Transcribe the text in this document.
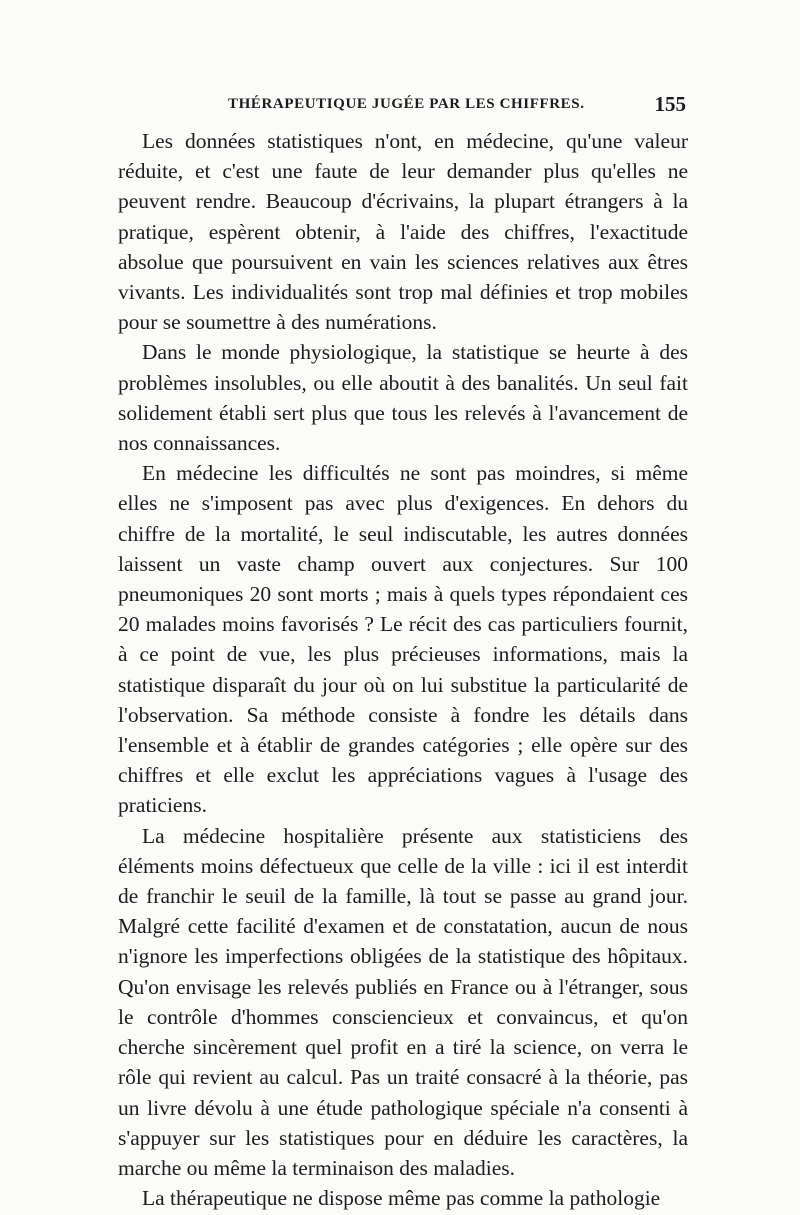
THÉRAPEUTIQUE JUGÉE PAR LES CHIFFRES.	155

Les données statistiques n'ont, en médecine, qu'une valeur réduite, et c'est une faute de leur demander plus qu'elles ne peuvent rendre. Beaucoup d'écrivains, la plupart étrangers à la pratique, espèrent obtenir, à l'aide des chiffres, l'exactitude absolue que poursuivent en vain les sciences relatives aux êtres vivants. Les individualités sont trop mal définies et trop mobiles pour se soumettre à des numérations.

Dans le monde physiologique, la statistique se heurte à des problèmes insolubles, ou elle aboutit à des banalités. Un seul fait solidement établi sert plus que tous les relevés à l'avancement de nos connaissances.

En médecine les difficultés ne sont pas moindres, si même elles ne s'imposent pas avec plus d'exigences. En dehors du chiffre de la mortalité, le seul indiscutable, les autres données laissent un vaste champ ouvert aux conjectures. Sur 100 pneumoniques 20 sont morts ; mais à quels types répondaient ces 20 malades moins favorisés ? Le récit des cas particuliers fournit, à ce point de vue, les plus précieuses informations, mais la statistique disparaît du jour où on lui substitue la particularité de l'observation. Sa méthode consiste à fondre les détails dans l'ensemble et à établir de grandes catégories ; elle opère sur des chiffres et elle exclut les appréciations vagues à l'usage des praticiens.

La médecine hospitalière présente aux statisticiens des éléments moins défectueux que celle de la ville : ici il est interdit de franchir le seuil de la famille, là tout se passe au grand jour. Malgré cette facilité d'examen et de constatation, aucun de nous n'ignore les imperfections obligées de la statistique des hôpitaux. Qu'on envisage les relevés publiés en France ou à l'étranger, sous le contrôle d'hommes consciencieux et convaincus, et qu'on cherche sincèrement quel profit en a tiré la science, on verra le rôle qui revient au calcul. Pas un traité consacré à la théorie, pas un livre dévolu à une étude pathologique spéciale n'a consenti à s'appuyer sur les statistiques pour en déduire les caractères, la marche ou même la terminaison des maladies.

La thérapeutique ne dispose même pas comme la pathologie
